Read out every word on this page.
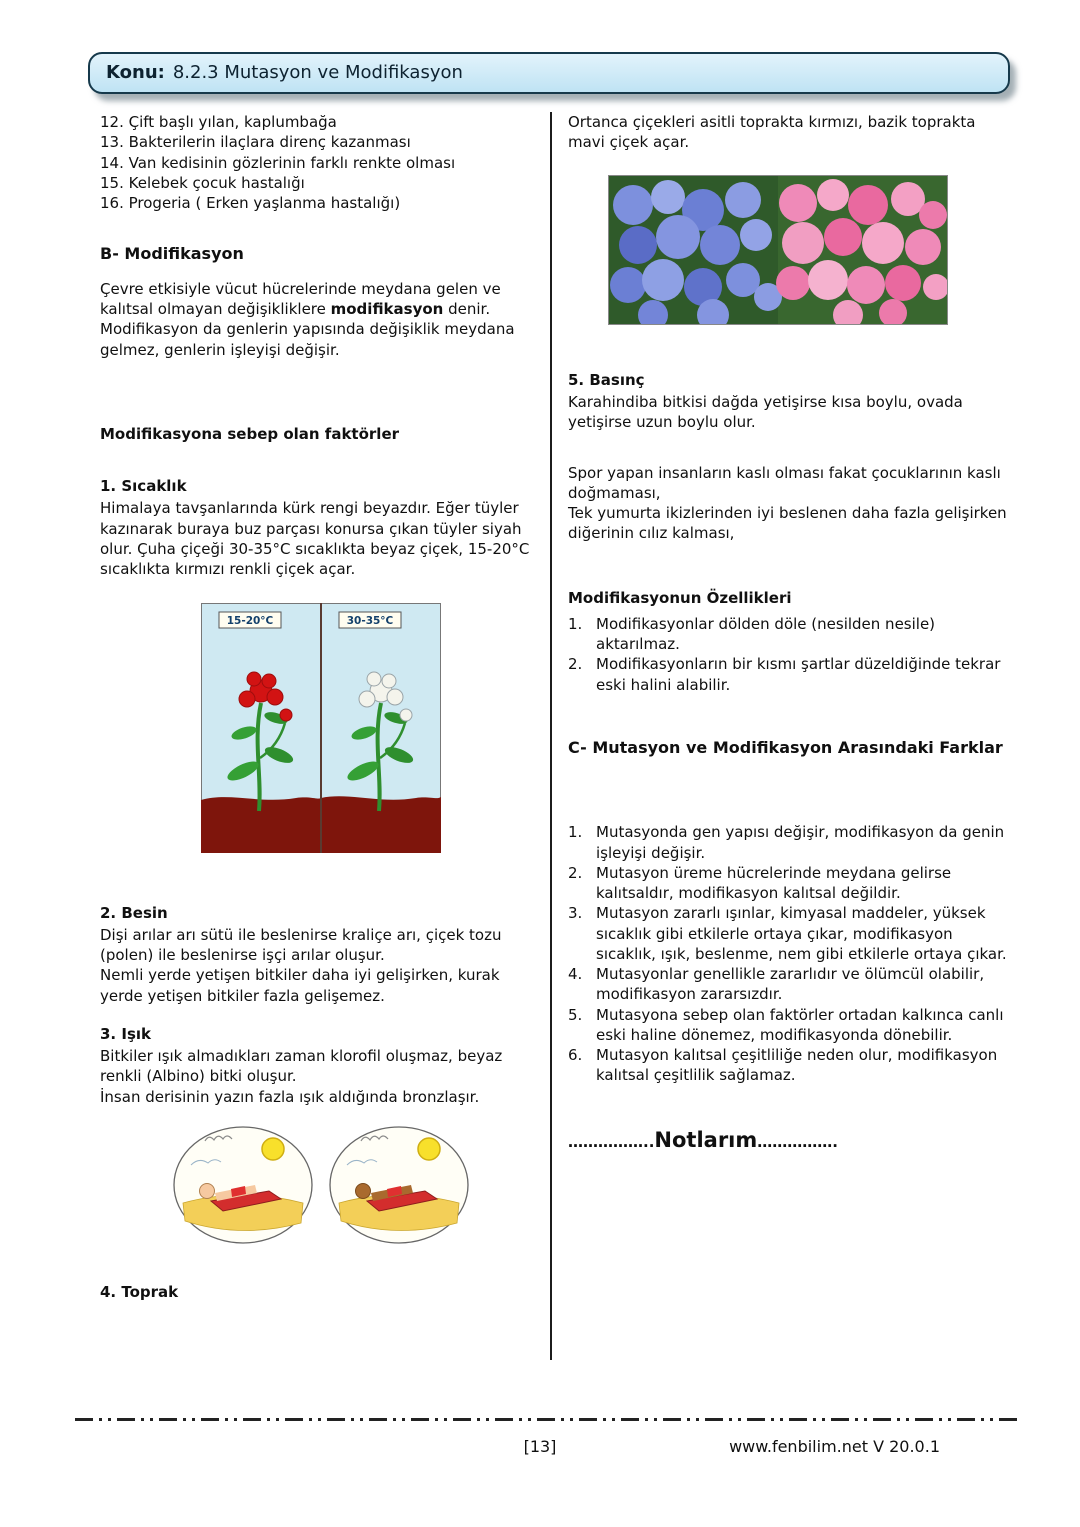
Konu: 8.2.3 Mutasyon ve Modifikasyon
12. Çift başlı yılan, kaplumbağa
13. Bakterilerin ilaçlara direnç kazanması
14. Van kedisinin gözlerinin farklı renkte olması
15. Kelebek çocuk hastalığı
16. Progeria ( Erken yaşlanma hastalığı)
B- Modifikasyon

Çevre etkisiyle vücut hücrelerinde meydana gelen ve kalıtsal olmayan değişikliklere modifikasyon denir. Modifikasyon da genlerin yapısında değişiklik meydana gelmez, genlerin işleyişi değişir.

Modifikasyona sebep olan faktörler
1. Sıcaklık

Himalaya tavşanlarında kürk rengi beyazdır. Eğer tüyler kazınarak buraya buz parçası konursa çıkan tüyler siyah olur. Çuha çiçeği 30-35°C sıcaklıkta beyaz çiçek, 15-20°C sıcaklıkta kırmızı renkli çiçek açar.

15-20°C	30-35°C
2. Besin

Dişi arılar arı sütü ile beslenirse kraliçe arı, çiçek tozu (polen) ile beslenirse işçi arılar oluşur.

Nemli yerde yetişen bitkiler daha iyi gelişirken, kurak yerde yetişen bitkiler fazla gelişemez.

3. Işık

Bitkiler ışık almadıkları zaman klorofil oluşmaz, beyaz renkli (Albino) bitki oluşur.

İnsan derisinin yazın fazla ışık aldığında bronzlaşır.

4. Toprak

Ortanca çiçekleri asitli toprakta kırmızı, bazik toprakta mavi çiçek açar.

5. Basınç

Karahindiba bitkisi dağda yetişirse kısa boylu, ovada yetişirse uzun boylu olur.

Spor yapan insanların kaslı olması fakat çocuklarının kaslı doğmaması,

Tek yumurta ikizlerinden iyi beslenen daha fazla gelişirken diğerinin cılız kalması,

Modifikasyonun Özellikleri
1. Modifikasyonlar dölden döle (nesilden nesile) aktarılmaz.
2. Modifikasyonların bir kısmı şartlar düzeldiğinde tekrar eski halini alabilir.
C- Mutasyon ve Modifikasyon Arasındaki Farklar
1. Mutasyonda gen yapısı değişir, modifikasyon da genin işleyişi değişir.
2. Mutasyon üreme hücrelerinde meydana gelirse kalıtsaldır, modifikasyon kalıtsal değildir.
3. Mutasyon zararlı ışınlar, kimyasal maddeler, yüksek sıcaklık gibi etkilerle ortaya çıkar, modifikasyon sıcaklık, ışık, beslenme, nem gibi etkilerle ortaya çıkar.
4. Mutasyonlar genellikle zararlıdır ve ölümcül olabilir, modifikasyon zararsızdır.
5. Mutasyona sebep olan faktörler ortadan kalkınca canlı eski haline dönemez, modifikasyonda dönebilir.
6. Mutasyon kalıtsal çeşitliliğe neden olur, modifikasyon kalıtsal çeşitlilik sağlamaz.
……………..Notlarım…………….
[13]	www.fenbilim.net V 20.0.1
